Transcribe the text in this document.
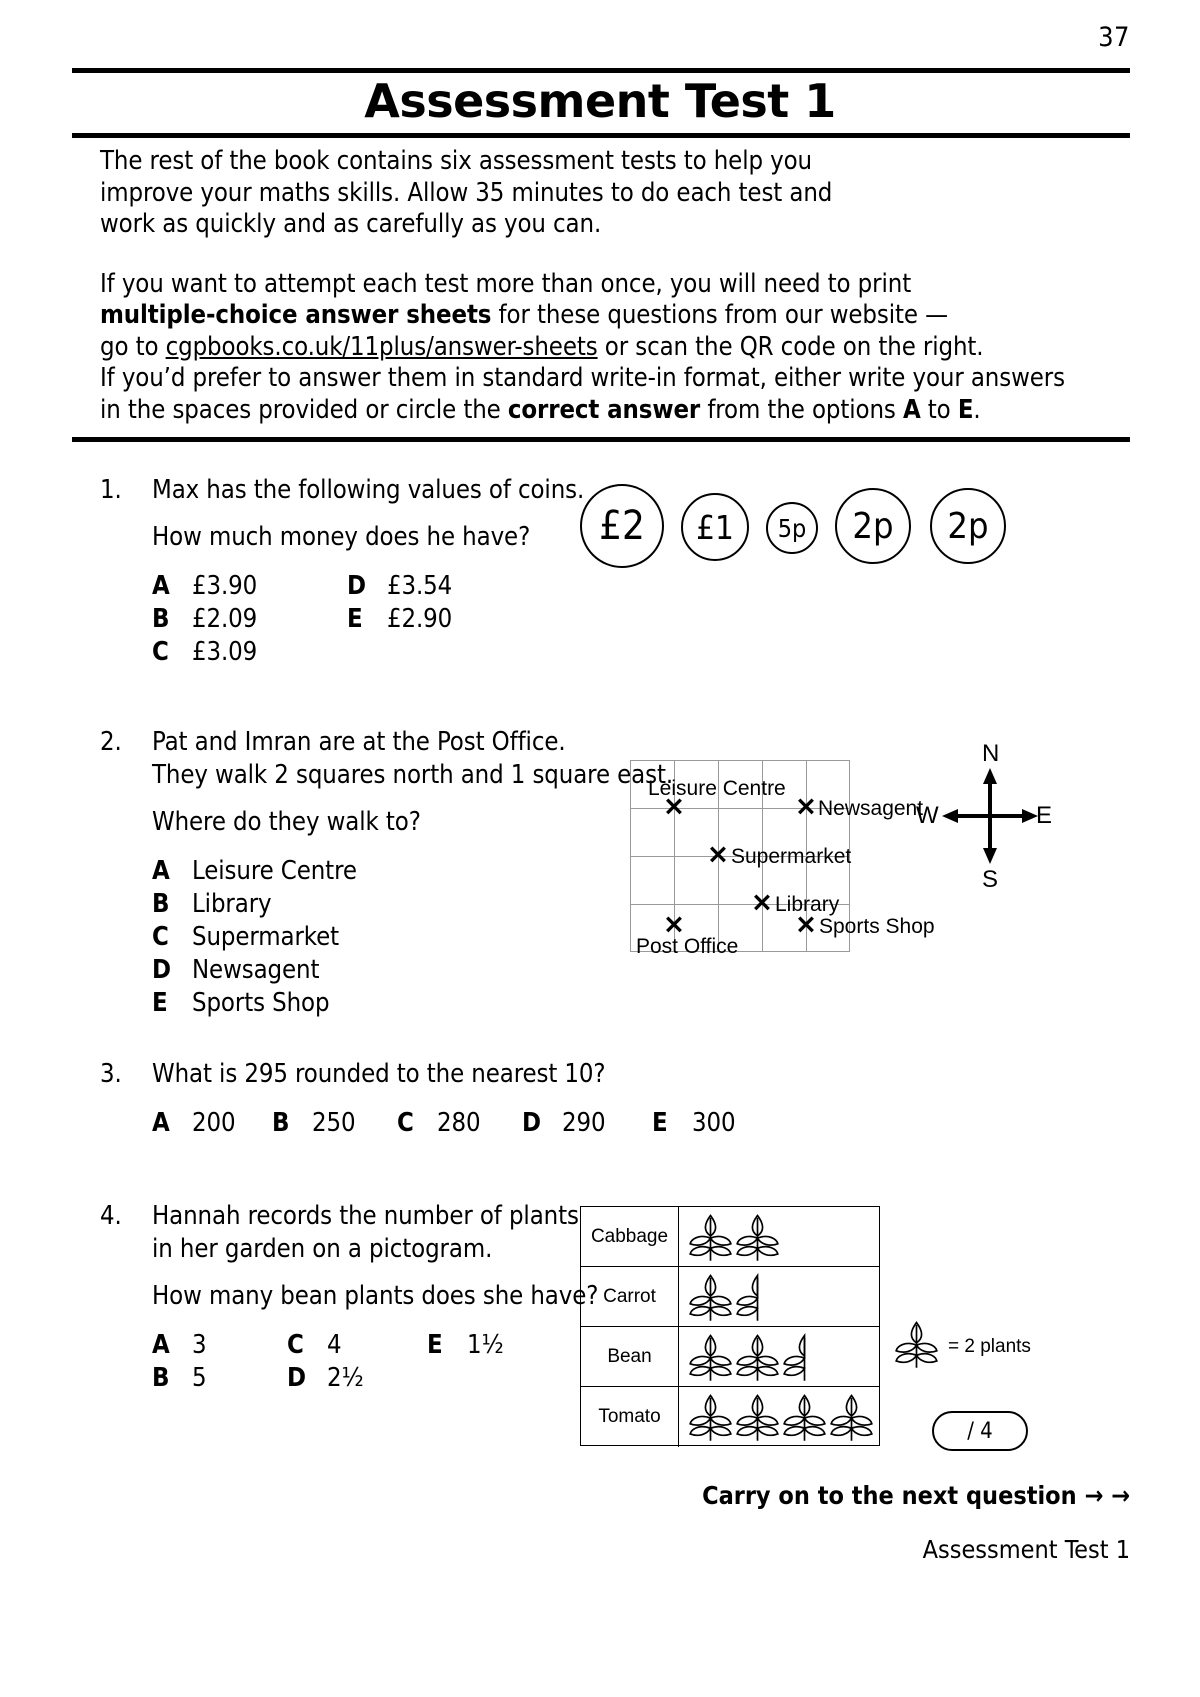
37
Assessment Test 1

The rest of the book contains six assessment tests to help you

improve your maths skills. Allow 35 minutes to do each test and

work as quickly and as carefully as you can.

If you want to attempt each test more than once, you will need to print

multiple-choice answer sheets for these questions from our website —

go to cgpbooks.co.uk/11plus/answer-sheets or scan the QR code on the right.

If you’d prefer to answer them in standard write-in format, either write your answers

in the spaces provided or circle the correct answer from the options A to E.

1.	Max has the following values of coins.
How much money does he have?
A £3.90	D £3.54
B £2.09	E £2.90
C £3.09
£2	£1	5p	2p	2p
2.	Pat and Imran are at the Post Office.
They walk 2 squares north and 1 square east.
Where do they walk to?
A Leisure Centre
B Library
C Supermarket
D Newsagent
E Sports Shop
✕
Leisure Centre
✕ Newsagent
✕ Supermarket
✕ Library
✕
Post Office
✕ Sports Shop
N
S
E
W
3.	What is 295 rounded to the nearest 10?
A 200 B 250 C 280 D 290 E 300
4.	Hannah records the number of plants
in her garden on a pictogram.
How many bean plants does she have?
A 3	C 4	E 1½
B 5	D 2½
Cabbage
Carrot
Bean
Tomato
= 2 plants
/ 4
Carry on to the next question → →
Assessment Test 1
